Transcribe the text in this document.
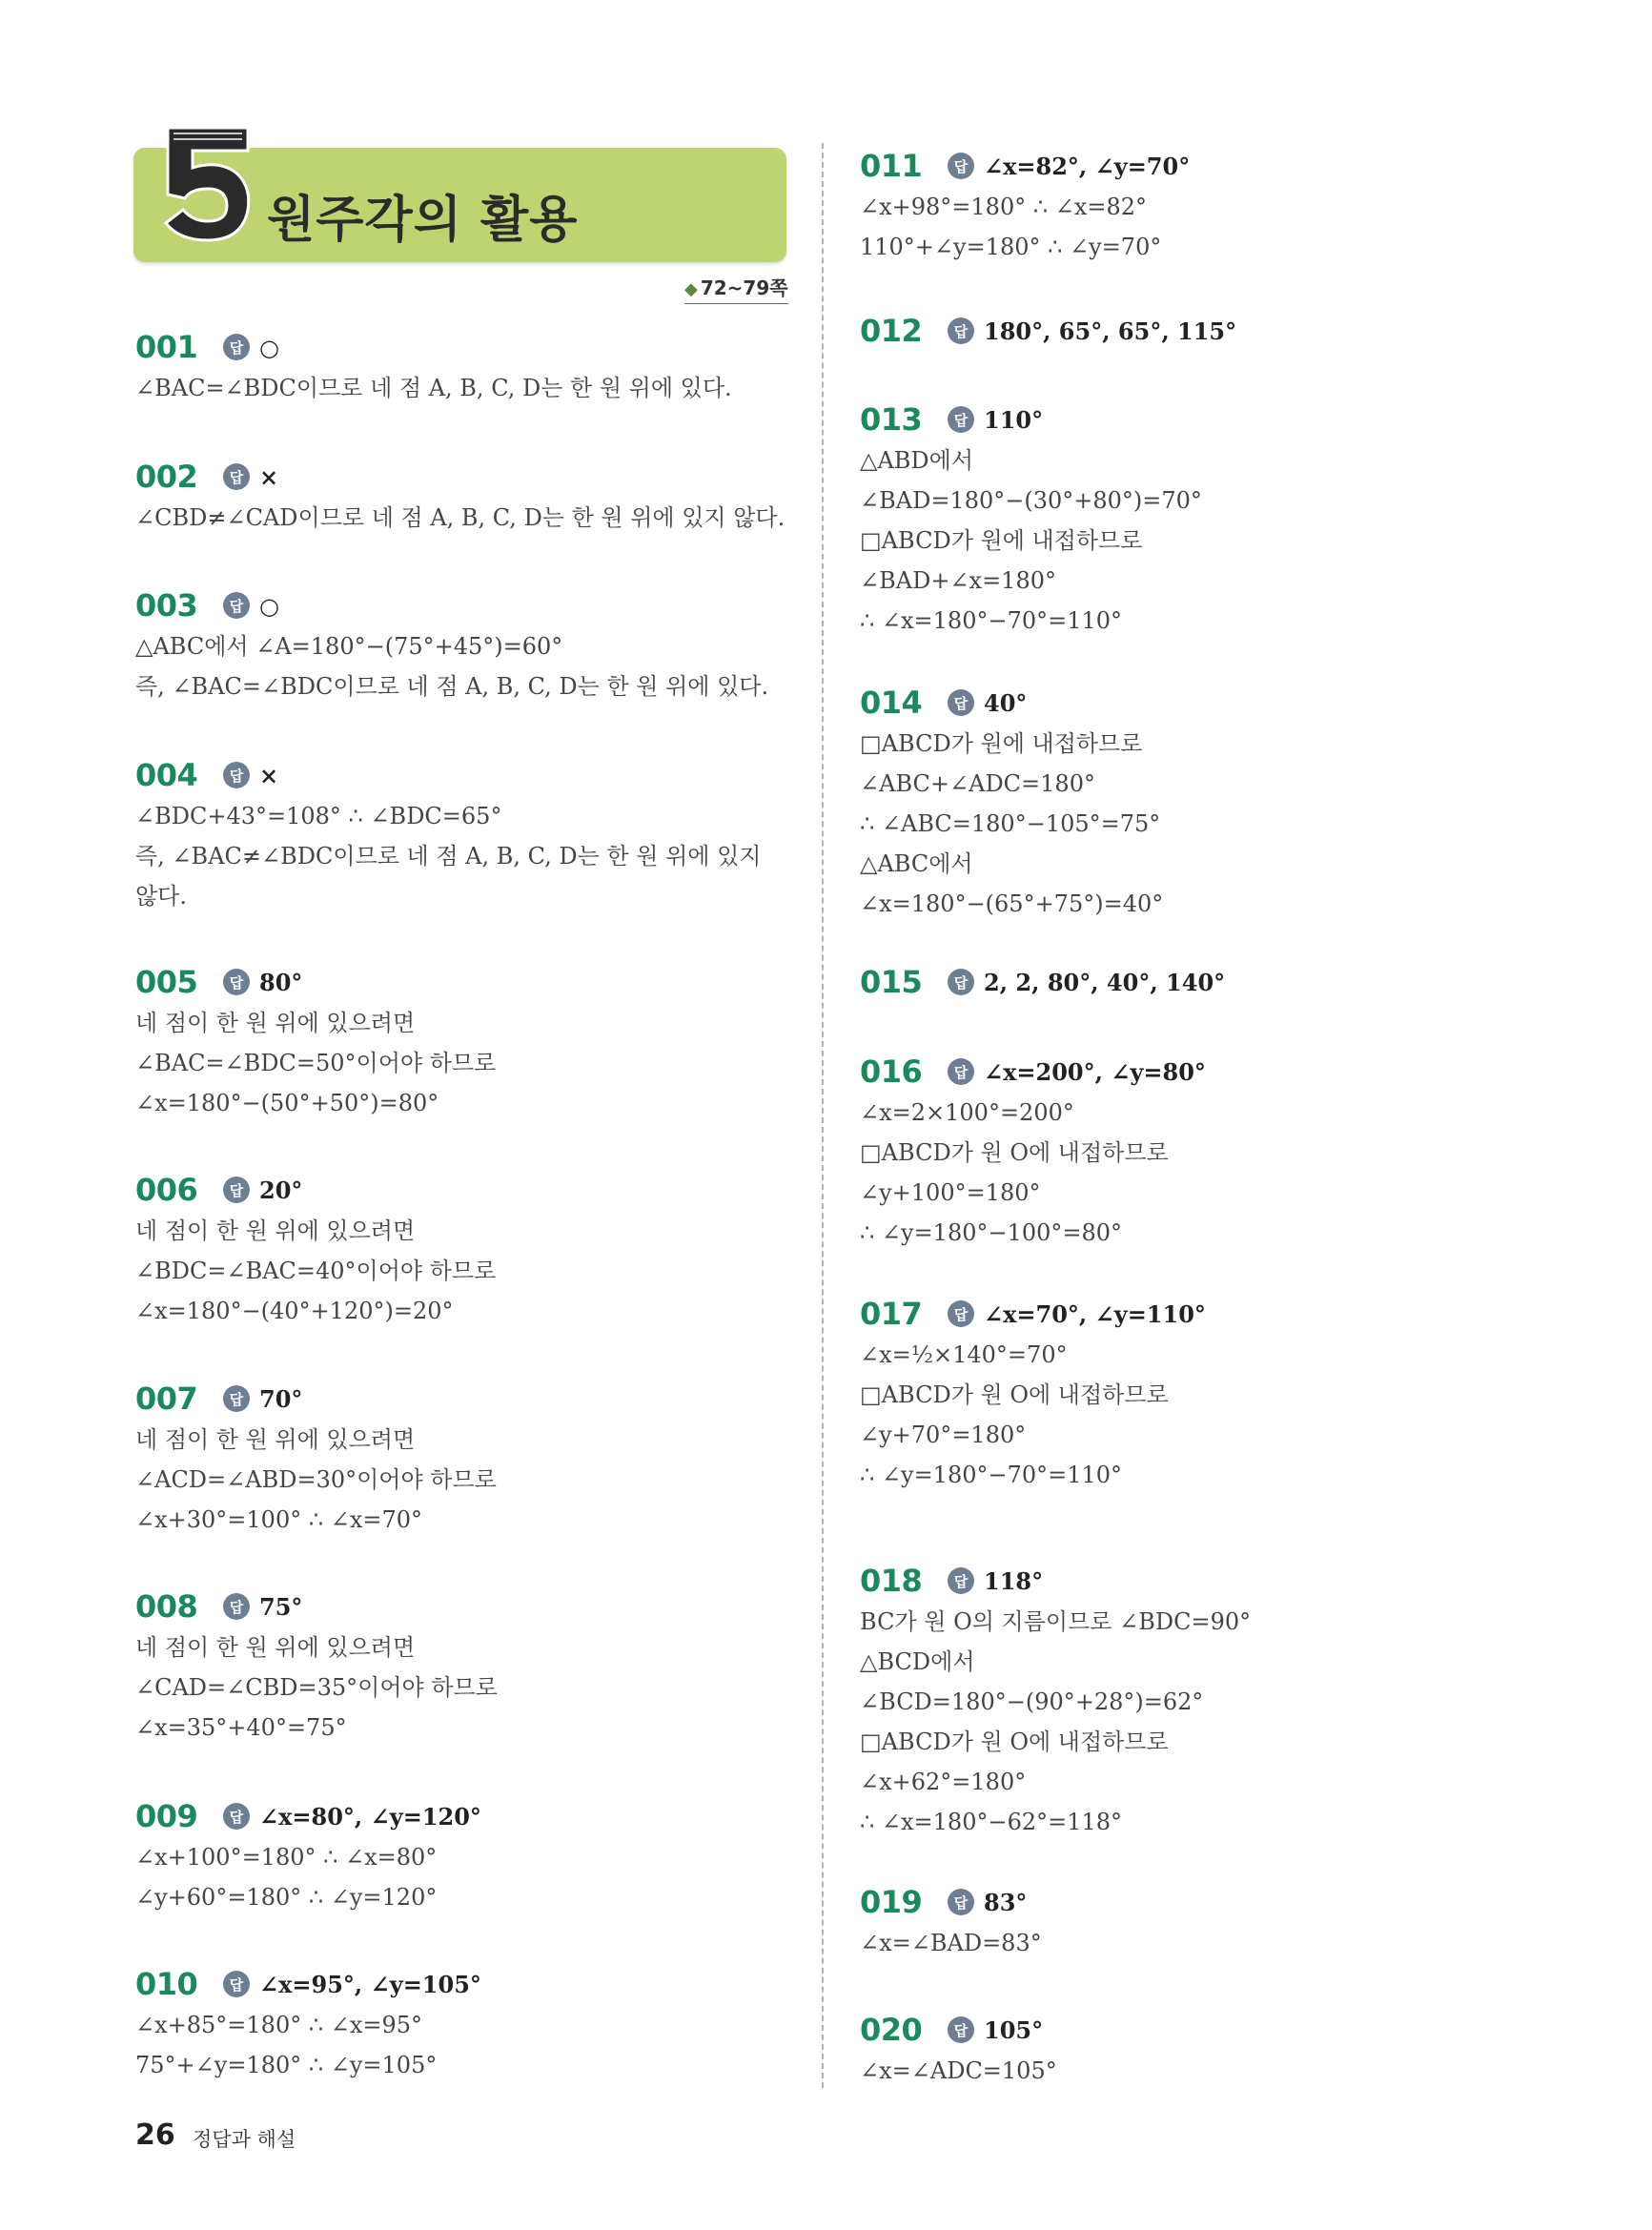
원주각의 활용
◆ 72~79쪽
001	답 ○
∠BAC=∠BDC이므로 네 점 A, B, C, D는 한 원 위에 있다.
002	답 ×
∠CBD≠∠CAD이므로 네 점 A, B, C, D는 한 원 위에 있지 않다.
003	답 ○
△ABC에서 ∠A=180°−(75°+45°)=60°
즉, ∠BAC=∠BDC이므로 네 점 A, B, C, D는 한 원 위에 있다.
004	답 ×
∠BDC+43°=108° ∴ ∠BDC=65°
즉, ∠BAC≠∠BDC이므로 네 점 A, B, C, D는 한 원 위에 있지
않다.
005	답 80°
네 점이 한 원 위에 있으려면
∠BAC=∠BDC=50°이어야 하므로
∠x=180°−(50°+50°)=80°
006	답 20°
네 점이 한 원 위에 있으려면
∠BDC=∠BAC=40°이어야 하므로
∠x=180°−(40°+120°)=20°
007	답 70°
네 점이 한 원 위에 있으려면
∠ACD=∠ABD=30°이어야 하므로
∠x+30°=100° ∴ ∠x=70°
008	답 75°
네 점이 한 원 위에 있으려면
∠CAD=∠CBD=35°이어야 하므로
∠x=35°+40°=75°
009	답 ∠x=80°, ∠y=120°
∠x+100°=180° ∴ ∠x=80°
∠y+60°=180° ∴ ∠y=120°
010	답 ∠x=95°, ∠y=105°
∠x+85°=180° ∴ ∠x=95°
75°+∠y=180° ∴ ∠y=105°
011	답 ∠x=82°, ∠y=70°
∠x+98°=180° ∴ ∠x=82°
110°+∠y=180° ∴ ∠y=70°
012	답 180°, 65°, 65°, 115°
013	답 110°
△ABD에서
∠BAD=180°−(30°+80°)=70°
□ABCD가 원에 내접하므로
∠BAD+∠x=180°
∴ ∠x=180°−70°=110°
014	답 40°
□ABCD가 원에 내접하므로
∠ABC+∠ADC=180°
∴ ∠ABC=180°−105°=75°
△ABC에서
∠x=180°−(65°+75°)=40°
015	답 2, 2, 80°, 40°, 140°
016	답 ∠x=200°, ∠y=80°
∠x=2×100°=200°
□ABCD가 원 O에 내접하므로
∠y+100°=180°
∴ ∠y=180°−100°=80°
017	답 ∠x=70°, ∠y=110°
∠x=½×140°=70°
□ABCD가 원 O에 내접하므로
∠y+70°=180°
∴ ∠y=180°−70°=110°
018	답 118°
BC가 원 O의 지름이므로 ∠BDC=90°
△BCD에서
∠BCD=180°−(90°+28°)=62°
□ABCD가 원 O에 내접하므로
∠x+62°=180°
∴ ∠x=180°−62°=118°
019	답 83°
∠x=∠BAD=83°
020	답 105°
∠x=∠ADC=105°
26 정답과 해설
